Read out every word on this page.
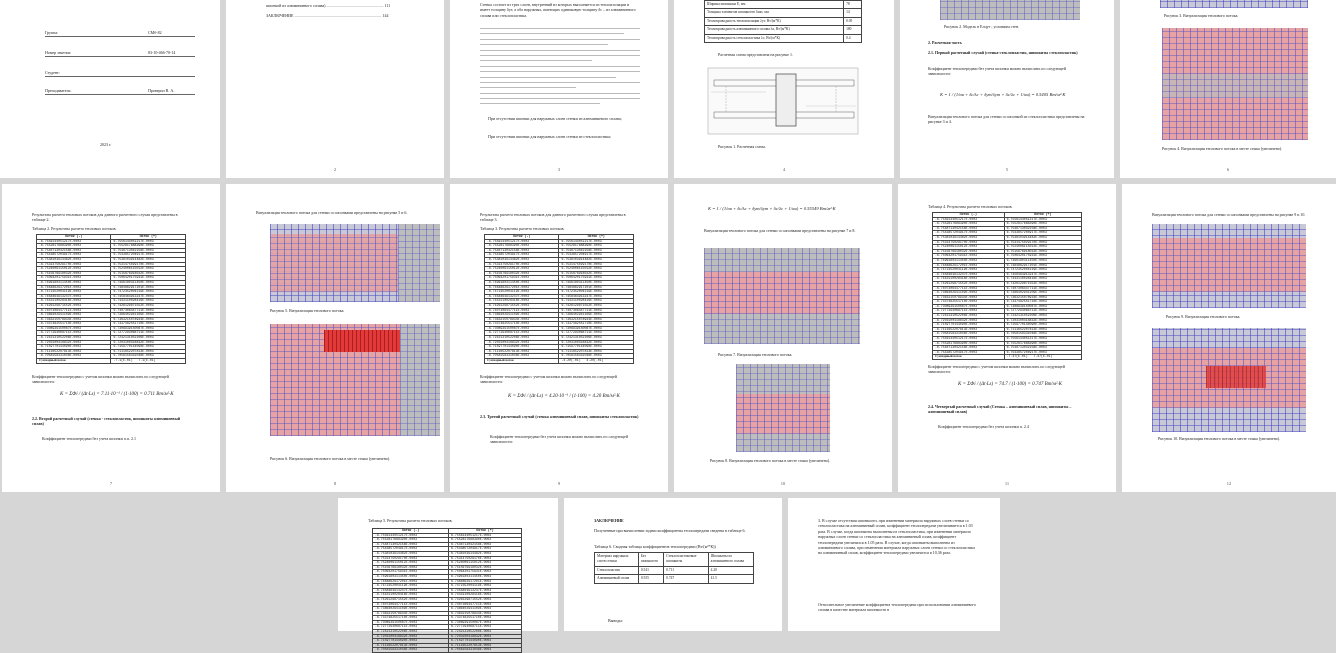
Группа:	СМб-82
Номер зачетки:	83-10-466-70-14
Студент:
Преподаватель:	Проверил В. А.
2023 г.
шпонкой из алюминиевого сплава) ......................................................... 111
ЗАКЛЮЧЕНИЕ ....................................................................................... 144
2
Стенка состоит из трех слоев, внутренний из которых выполняется из теплоизоляции и имеет толщину δут, а оба наружных, имеющих одинаковую толщину δс – из алюминиевого сплава или стеклопластика.
При отсутствии шпонки для наружных слоев стенки из алюминиевого сплава;
При отсутствии шпонки для наружных слоев стенки из стеклопластика;
3
Ширина шпонкона Е, мм	78
Толщина элементов шпонкоотп δшп, мм	14
Теплопроводность теплоизоляции λут, Вт/(м*К)	0.05
Теплопроводность алюминиевого сплава λа, Вт/(м*К)	180
Теплопроводность стеклопластика λс, Вт/(м*К)	0.4
Расчетная схема представлена на рисунке 1.
Рисунок 1. Расчетная схема.
4
Рисунок 2. Модель в Елцут ; условиям стен.
2. Расчетная часть
2.1. Первый расчетный случай (стенка-стеклопластик, шпонкиты стеклопластик)
Коэффициент теплопередачи без учета шпонки можно вычислить по следующей зависимости:
K = 1 / (1/αв + δс/λс + δут/λут + δс/λс + 1/αн) = 0.5405 Вт/м²·К
Визуализация теплового потока для стенки со шпонкой из стеклопластика представлены на рисунке 3 и 4.
5
Рисунок 3. Визуализация теплового потока.
Рисунок 4. Визуализация теплового потока в месте стыка (увеличено).
6
Результаты расчета тепловых потоков для данного расчетного случая представлены в таблице 2.
Таблица 2. Результаты расчета тепловых потоков.
Поток (-)	Поток (+)
-6.7556144051217E-0003	6.7556144051217E-0003
-6.7552817688390E-0003	6.7552817688390E-0003
-6.7548713042158E-0003	6.7548713042158E-0003
-6.7543857204917E-0003	6.7543857204917E-0003
-6.7538103914482E-0003	6.7538103914482E-0003
-6.7531475029170E-0003	6.7531475029170E-0003
-6.7524006115012E-0003	6.7524006115012E-0003
-6.7515676918032E-0003	6.7515676918032E-0003
-6.7506420175931E-0003	6.7506420175931E-0003
-6.7496180311450E-0003	6.7496180311450E-0003
-6.7484862917201E-0003	6.7484862917201E-0003
-6.7472352004119E-0003	6.7472352004119E-0003
-6.7458464913247E-0003	6.7458464913247E-0003
-6.7443110028416E-0003	6.7443110028416E-0003
-6.7426129871552E-0003	6.7426129871552E-0003
-6.7407306447711E-0003	6.7407306447711E-0003
-6.7386402941109E-0003	6.7386402941109E-0003
-6.7363215078934E-0003	6.7363215078934E-0003
-6.7337482551710E-0003	6.7337482551710E-0003
-6.7308939150087E-0003	6.7308939150087E-0003
-6.7277294068711E-0003	6.7277294068711E-0003
-6.7242131052206E-0003	6.7242131052206E-0003
-6.7203100418832E-0003	6.7203100418832E-0003
-6.7159770144090E-0003	6.7159770144090E-0003
-6.7111652207813E-0003	6.7111652207813E-0003
-6.7058158331048E-0003	6.7058158331048E-0003
Суммарный поток	-7.1(E-01) 7.1(E-01)
Коэффициент теплопередачи с учетом шпонки можно вычислить по следующей зависимости:
K = ΣФі / (Δt·Ls) = 7.11·10⁻¹ / (1·100) = 0.711 Вт/м²·К
2.2. Второй расчетный случай (стенка - стеклопластик, шпонкиты алюминиевый сплав)
Коэффициент теплопередачи без учета шпонки п.п. 2.1
7
Визуализация теплового потока для стенки со шпонками представлены на рисунке 5 и 6.
Рисунок 5. Визуализация теплового потока.
Рисунок 6. Визуализация теплового потока в месте стыка (увеличено).
8
Результаты расчета тепловых потоков для данного расчетного случая представлены в таблице 3.
Таблица 3. Результаты расчета тепловых потоков.
Поток (-)	Поток (+)
-6.7556144051217E-0003	6.7556144051217E-0003
-6.7552817688390E-0003	6.7552817688390E-0003
-6.7548713042158E-0003	6.7548713042158E-0003
-6.7543857204917E-0003	6.7543857204917E-0003
-6.7538103914482E-0003	6.7538103914482E-0003
-6.7531475029170E-0003	6.7531475029170E-0003
-6.7524006115012E-0003	6.7524006115012E-0003
-6.7515676918032E-0003	6.7515676918032E-0003
-6.7506420175931E-0003	6.7506420175931E-0003
-6.7496180311450E-0003	6.7496180311450E-0003
-6.7484862917201E-0003	6.7484862917201E-0003
-6.7472352004119E-0003	6.7472352004119E-0003
-6.7458464913247E-0003	6.7458464913247E-0003
-6.7443110028416E-0003	6.7443110028416E-0003
-6.7426129871552E-0003	6.7426129871552E-0003
-6.7407306447711E-0003	6.7407306447711E-0003
-6.7386402941109E-0003	6.7386402941109E-0003
-6.7363215078934E-0003	6.7363215078934E-0003
-6.7337482551710E-0003	6.7337482551710E-0003
-6.7308939150087E-0003	6.7308939150087E-0003
-6.7277294068711E-0003	6.7277294068711E-0003
-6.7242131052206E-0003	6.7242131052206E-0003
-6.7203100418832E-0003	6.7203100418832E-0003
-6.7159770144090E-0003	6.7159770144090E-0003
-6.7111652207813E-0003	6.7111652207813E-0003
-6.7058158331048E-0003	6.7058158331048E-0003
Суммарный поток	-4.20(-01) 4.20(-01)
Коэффициент теплопередачи с учетом шпонки можно вычислить по следующей зависимости:
K = ΣФі / (Δt·Ls) = 4.20·10⁻¹ / (1·100) = 4.20 Вт/м²·К
2.3. Третий расчетный случай (стенка алюминиевый сплав, шпонкиты стеклопластик)
Коэффициент теплопередачи без учета шпонки можно вычислить по следующей зависимости:
9
K = 1 / (1/αв + δс/λс + δут/λут + δс/λс + 1/αн) = 0.55549 Вт/м²·К
Визуализация теплового потока для стенки со шпонками представлены на рисунке 7 и 8.
Рисунок 7. Визуализация теплового потока.
Рисунок 8. Визуализация теплового потока в месте стыка (увеличено).
10
Таблица 4. Результаты расчета тепловых потоков.
Поток (-)	Поток (+)
-6.7556144051217E-0003	6.7556144051217E-0003
-6.7552817688390E-0003	6.7552817688390E-0003
-6.7548713042158E-0003	6.7548713042158E-0003
-6.7543857204917E-0003	6.7543857204917E-0003
-6.7538103914482E-0003	6.7538103914482E-0003
-6.7531475029170E-0003	6.7531475029170E-0003
-6.7524006115012E-0003	6.7524006115012E-0003
-6.7515676918032E-0003	6.7515676918032E-0003
-6.7506420175931E-0003	6.7506420175931E-0003
-6.7496180311450E-0003	6.7496180311450E-0003
-6.7484862917201E-0003	6.7484862917201E-0003
-6.7472352004119E-0003	6.7472352004119E-0003
-6.7458464913247E-0003	6.7458464913247E-0003
-6.7443110028416E-0003	6.7443110028416E-0003
-6.7426129871552E-0003	6.7426129871552E-0003
-6.7407306447711E-0003	6.7407306447711E-0003
-6.7386402941109E-0003	6.7386402941109E-0003
-6.7363215078934E-0003	6.7363215078934E-0003
-6.7337482551710E-0003	6.7337482551710E-0003
-6.7308939150087E-0003	6.7308939150087E-0003
-6.7277294068711E-0003	6.7277294068711E-0003
-6.7242131052206E-0003	6.7242131052206E-0003
-6.7203100418832E-0003	6.7203100418832E-0003
-6.7159770144090E-0003	6.7159770144090E-0003
-6.7111652207813E-0003	6.7111652207813E-0003
-6.7058158331048E-0003	6.7058158331048E-0003
-6.7556144051217E-0003	6.7556144051217E-0003
-6.7552817688390E-0003	6.7552817688390E-0003
-6.7548713042158E-0003	6.7548713042158E-0003
-6.7543857204917E-0003	6.7543857204917E-0003
Суммарный поток	-7.47(E-01) 7.47(E-01)
Коэффициент теплопередачи с учетом шпонки можно вычислить по следующей зависимости:
K = ΣФі / (Δt·Ls) = 74.7 / (1·100) = 0.747 Вт/м²·К
2.4. Четвертый расчетный случай (Стенка – алюминиевый сплав, шпонкиты –алюминиевый сплав)
Коэффициент теплопередачи без учета шпонки п. 2.4
11
Визуализация теплового потока для стенки со шпонками представлены на рисунке 9 и 10.
Рисунок 9. Визуализация теплового потока.
Рисунок 10. Визуализация теплового потока в месте стыка (увеличено).
12
Таблица 5. Результаты расчета тепловых потоков.
Поток (-)	Поток (+)
-6.7556144051217E-0003	6.7556144051217E-0003
-6.7552817688390E-0003	6.7552817688390E-0003
-6.7548713042158E-0003	6.7548713042158E-0003
-6.7543857204917E-0003	6.7543857204917E-0003
-6.7538103914482E-0003	6.7538103914482E-0003
-6.7531475029170E-0003	6.7531475029170E-0003
-6.7524006115012E-0003	6.7524006115012E-0003
-6.7515676918032E-0003	6.7515676918032E-0003
-6.7506420175931E-0003	6.7506420175931E-0003
-6.7496180311450E-0003	6.7496180311450E-0003
-6.7484862917201E-0003	6.7484862917201E-0003
-6.7472352004119E-0003	6.7472352004119E-0003
-6.7458464913247E-0003	6.7458464913247E-0003
-6.7443110028416E-0003	6.7443110028416E-0003
-6.7426129871552E-0003	6.7426129871552E-0003
-6.7407306447711E-0003	6.7407306447711E-0003
-6.7386402941109E-0003	6.7386402941109E-0003
-6.7363215078934E-0003	6.7363215078934E-0003
-6.7337482551710E-0003	6.7337482551710E-0003
-6.7308939150087E-0003	6.7308939150087E-0003
-6.7277294068711E-0003	6.7277294068711E-0003
-6.7242131052206E-0003	6.7242131052206E-0003
-6.7203100418832E-0003	6.7203100418832E-0003
-6.7159770144090E-0003	6.7159770144090E-0003
-6.7111652207813E-0003	6.7111652207813E-0003
-6.7058158331048E-0003	6.7058158331048E-0003
ЗАКЛЮЧЕНИЕ
Полученные при вычислении задачи коэффициенты теплопередачи сведены в таблице 6.
Таблица 6. Сводная таблица коэффициентов теплопередачи (Вт/(м²*К))
Материал наружных слоев стенки	Без шпонкоотп	Стеклопластиковые шпонкиты	Шпонкиты из алюминиевого сплава
Стеклопластик	0.541	0.711	4.20
Алюминиевый сплав	0.555	0.747	41.5
Выводы:
3. В случае отсутствия шпонкоотп, при изменении материала наружных слоев стенки со стеклопластика на алюминиевый сплав, коэффициент теплопередачи увеличивается в 1.03 раза. В случае, когда шпонкиты выполнены из стеклопластика, при изменении материала наружных слоев стенки со стеклопластика на алюминиевый сплав, коэффициент теплопередачи увеличился в 1.05 раза. В случае, когда шпонкиты выполнены из алюминиевого сплава, при изменении материала наружных слоев стенки со стеклопластика на алюминиевый сплав, коэффициент теплопередачи увеличится в 10,36 раза.
Относительное увеличение коэффициента теплопередачи при использовании алюминиевого сплава в качестве материала шпонкоотп в
